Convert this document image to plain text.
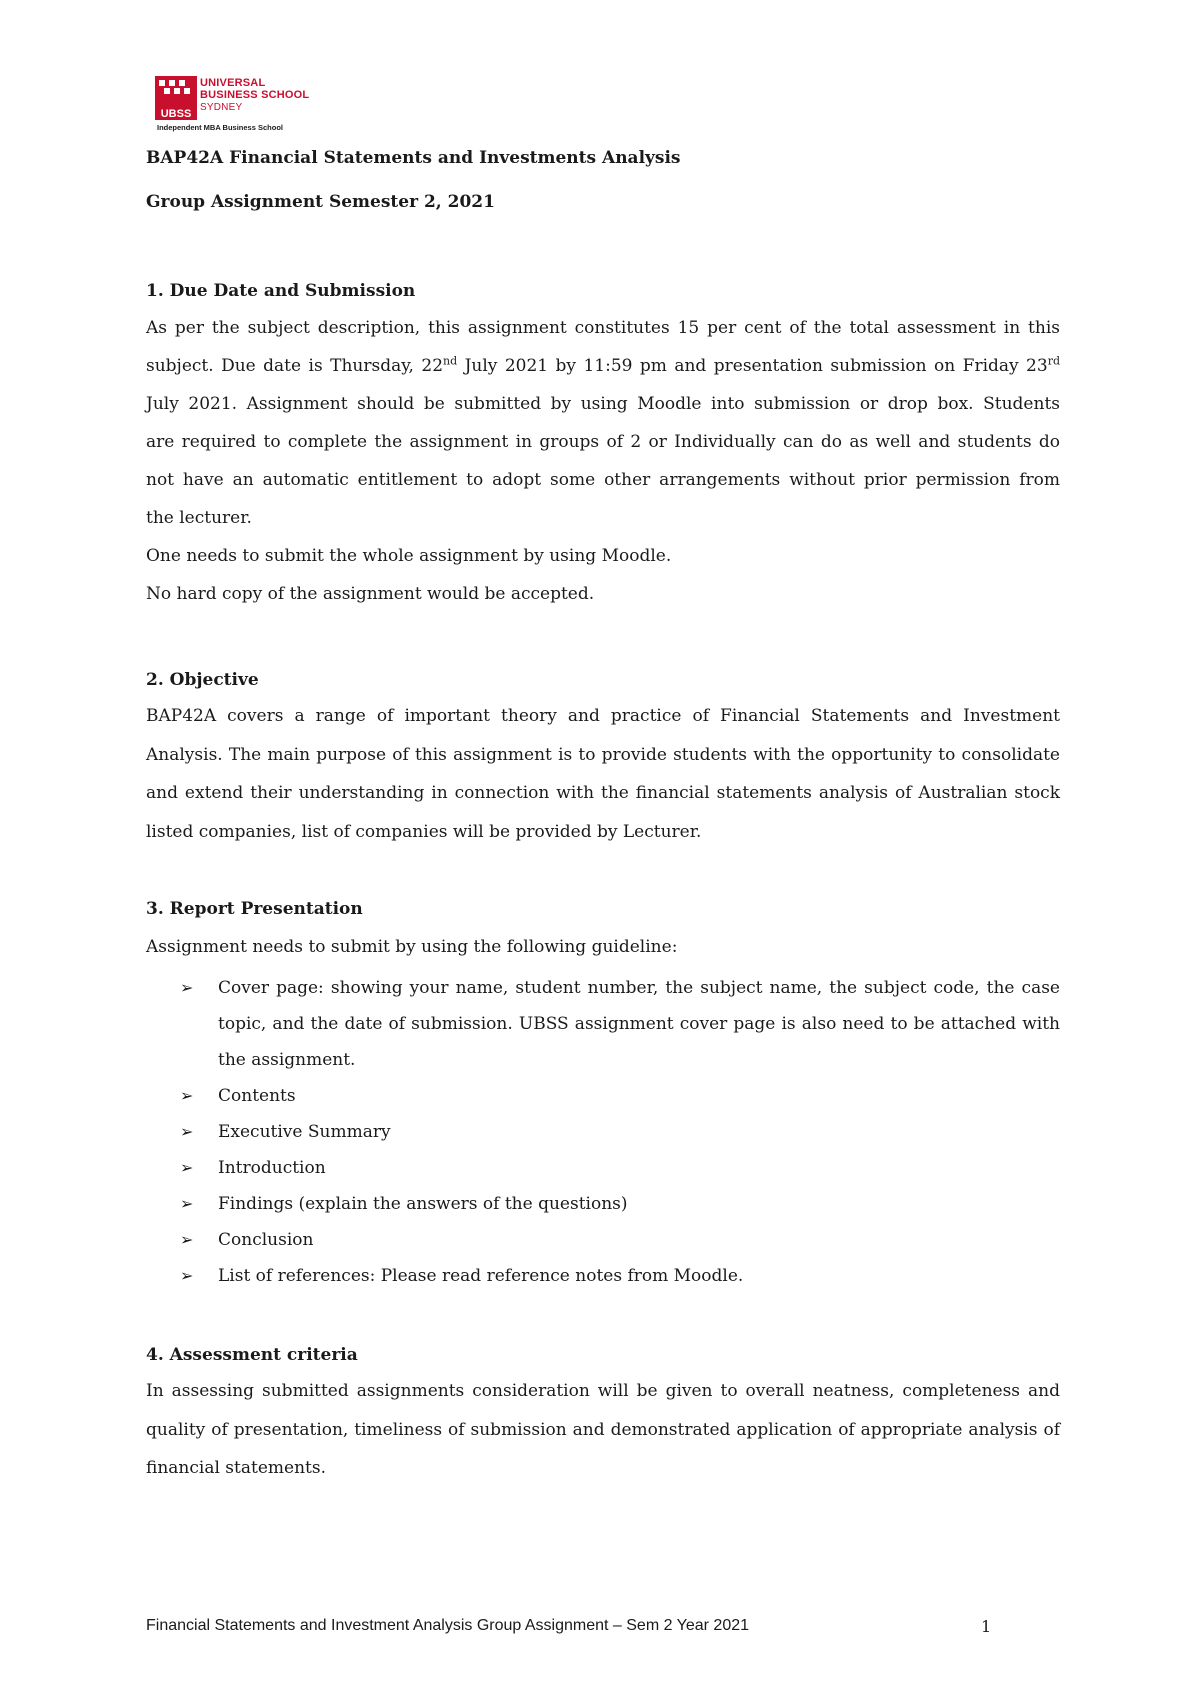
UBSS
UNIVERSAL
BUSINESS SCHOOL
SYDNEY
Independent MBA Business School
BAP42A Financial Statements and Investments Analysis
Group Assignment Semester 2, 2021
1. Due Date and Submission
As per the subject description, this assignment constitutes 15 per cent of the total assessment in this
subject. Due date is Thursday, 22nd July 2021 by 11:59 pm and presentation submission on Friday 23rd
July 2021. Assignment should be submitted by using Moodle into submission or drop box. Students
are required to complete the assignment in groups of 2 or Individually can do as well and students do
not have an automatic entitlement to adopt some other arrangements without prior permission from
the lecturer.
One needs to submit the whole assignment by using Moodle.
No hard copy of the assignment would be accepted.
2. Objective
BAP42A covers a range of important theory and practice of Financial Statements and Investment Analysis. The main purpose of this assignment is to provide students with the opportunity to consolidate and extend their understanding in connection with the financial statements analysis of Australian stock listed companies, list of companies will be provided by Lecturer.
3. Report Presentation
Assignment needs to submit by using the following guideline:
➢ Cover page: showing your name, student number, the subject name, the subject code, the case topic, and the date of submission. UBSS assignment cover page is also need to be attached with the assignment.
➢ Contents
➢ Executive Summary
➢ Introduction
➢ Findings (explain the answers of the questions)
➢ Conclusion
➢ List of references: Please read reference notes from Moodle.
4. Assessment criteria
In assessing submitted assignments consideration will be given to overall neatness, completeness and quality of presentation, timeliness of submission and demonstrated application of appropriate analysis of financial statements.
Financial Statements and Investment Analysis Group Assignment – Sem 2 Year 2021	1
